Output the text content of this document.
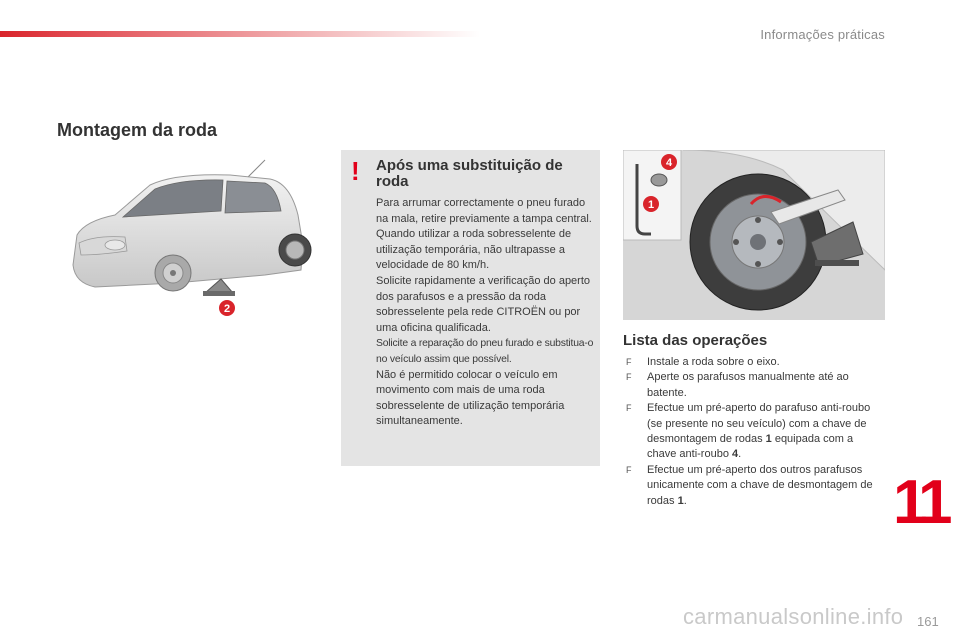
Informações práticas
Montagem da roda
2
! Após uma substituição de roda

Para arrumar correctamente o pneu furado na mala, retire previamente a tampa central.

Quando utilizar a roda sobresselente de utilização temporária, não ultrapasse a velocidade de 80 km/h.

Solicite rapidamente a verificação do aperto dos parafusos e a pressão da roda sobresselente pela rede CITROËN ou por uma oficina qualificada.

Solicite a reparação do pneu furado e substitua-o no veículo assim que possível.

Não é permitido colocar o veículo em movimento com mais de uma roda sobresselente de utilização temporária simultaneamente.

4
1
Lista das operações
F Instale a roda sobre o eixo.
F Aperte os parafusos manualmente até ao batente.
F Efectue um pré-aperto do parafuso anti-roubo (se presente no seu veículo) com a chave de desmontagem de rodas 1 equipada com a chave anti-roubo 4.
F Efectue um pré-aperto dos outros parafusos unicamente com a chave de desmontagem de rodas 1.	11
carmanualsonline.info 161
